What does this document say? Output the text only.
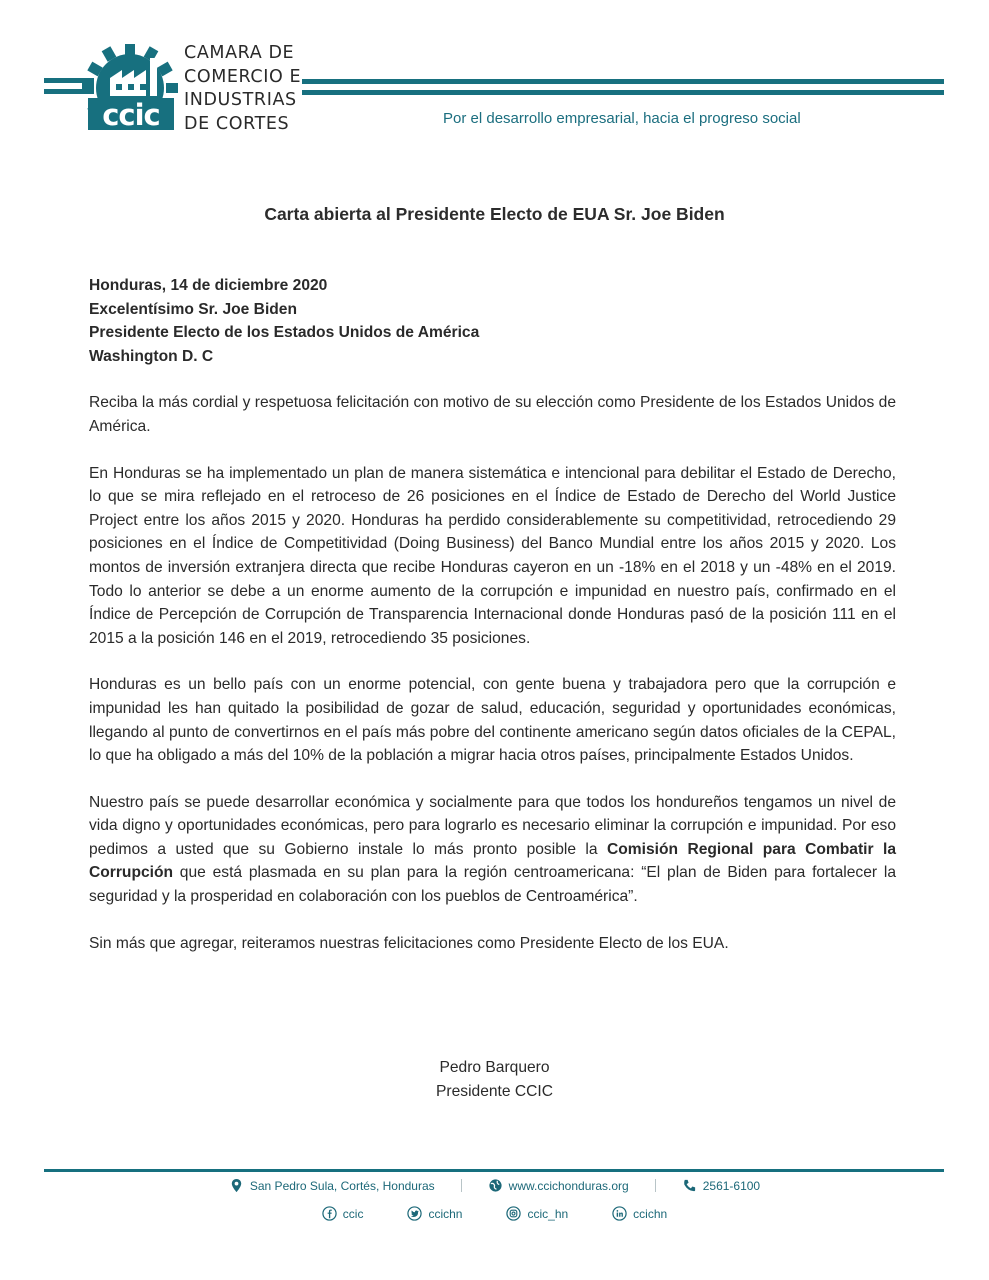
ccic
CAMARA DE
COMERCIO E
INDUSTRIAS
DE CORTES	Por el desarrollo empresarial, hacia el progreso social
Carta abierta al Presidente Electo de EUA Sr. Joe Biden
Honduras, 14 de diciembre 2020
Excelentísimo Sr. Joe Biden
Presidente Electo de los Estados Unidos de América
Washington D. C
Reciba la más cordial y respetuosa felicitación con motivo de su elección como Presidente de los Estados Unidos de América.
En Honduras se ha implementado un plan de manera sistemática e intencional para debilitar el Estado de Derecho, lo que se mira reflejado en el retroceso de 26 posiciones en el Índice de Estado de Derecho del World Justice Project entre los años 2015 y 2020. Honduras ha perdido considerablemente su competitividad, retrocediendo 29 posiciones en el Índice de Competitividad (Doing Business) del Banco Mundial entre los años 2015 y 2020. Los montos de inversión extranjera directa que recibe Honduras cayeron en un -18% en el 2018 y un -48% en el 2019. Todo lo anterior se debe a un enorme aumento de la corrupción e impunidad en nuestro país, confirmado en el Índice de Percepción de Corrupción de Transparencia Internacional donde Honduras pasó de la posición 111 en el 2015 a la posición 146 en el 2019, retrocediendo 35 posiciones.
Honduras es un bello país con un enorme potencial, con gente buena y trabajadora pero que la corrupción e impunidad les han quitado la posibilidad de gozar de salud, educación, seguridad y oportunidades económicas, llegando al punto de convertirnos en el país más pobre del continente americano según datos oficiales de la CEPAL, lo que ha obligado a más del 10% de la población a migrar hacia otros países, principalmente Estados Unidos.
Nuestro país se puede desarrollar económica y socialmente para que todos los hondureños tengamos un nivel de vida digno y oportunidades económicas, pero para lograrlo es necesario eliminar la corrupción e impunidad. Por eso pedimos a usted que su Gobierno instale lo más pronto posible la Comisión Regional para Combatir la Corrupción que está plasmada en su plan para la región centroamericana: “El plan de Biden para fortalecer la seguridad y la prosperidad en colaboración con los pueblos de Centroamérica”.
Sin más que agregar, reiteramos nuestras felicitaciones como Presidente Electo de los EUA.
Pedro Barquero
Presidente CCIC
San Pedro Sula, Cortés, Honduras	www.ccichonduras.org	2561-6100
ccic	ccichn	ccic_hn	ccichn
